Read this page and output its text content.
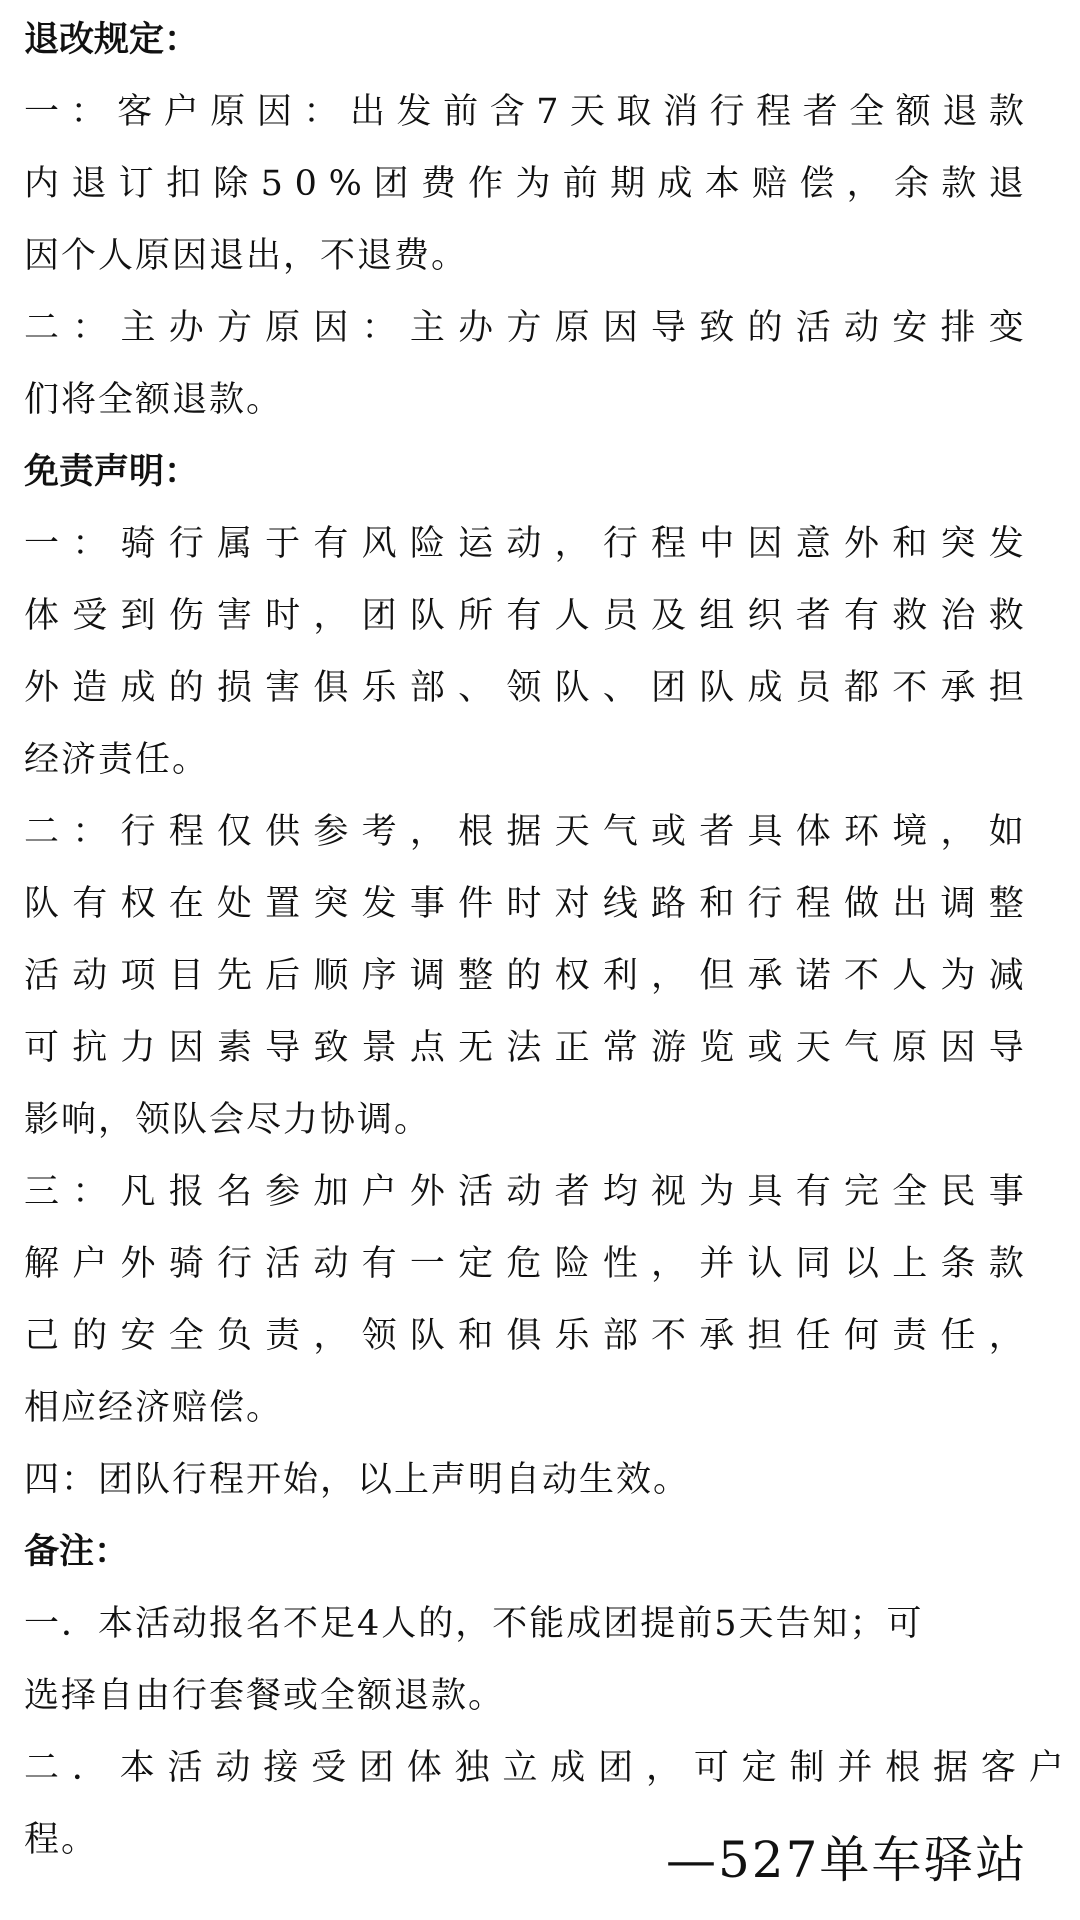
退改规定：
一 ： 客 户 原 因 ： 出 发 前 含 7 天 取 消 行 程 者 全 额 退 款
内 退 订 扣 除 5 0 % 团 费 作 为 前 期 成 本 赔 偿 ， 余 款 退
因个人原因退出，不退费。
二 ： 主 办 方 原 因 ： 主 办 方 原 因 导 致 的 活 动 安 排 变
们将全额退款。
免责声明：
一 ： 骑 行 属 于 有 风 险 运 动 ， 行 程 中 因 意 外 和 突 发
体 受 到 伤 害 时 ， 团 队 所 有 人 员 及 组 织 者 有 救 治 救
外 造 成 的 损 害 俱 乐 部 、 领 队 、 团 队 成 员 都 不 承 担
经济责任。
二 ： 行 程 仅 供 参 考 ， 根 据 天 气 或 者 具 体 环 境 ， 如
队 有 权 在 处 置 突 发 事 件 时 对 线 路 和 行 程 做 出 调 整
活 动 项 目 先 后 顺 序 调 整 的 权 利 ， 但 承 诺 不 人 为 减
可 抗 力 因 素 导 致 景 点 无 法 正 常 游 览 或 天 气 原 因 导
影响，领队会尽力协调。
三 ： 凡 报 名 参 加 户 外 活 动 者 均 视 为 具 有 完 全 民 事
解 户 外 骑 行 活 动 有 一 定 危 险 性 ， 并 认 同 以 上 条 款
己 的 安 全 负 责 ， 领 队 和 俱 乐 部 不 承 担 任 何 责 任 ，
相应经济赔偿。
四：团队行程开始，以上声明自动生效。
备注：
一．本活动报名不足4人的，不能成团提前5天告知；可
选择自由行套餐或全额退款。
二 ． 本 活 动 接 受 团 体 独 立 成 团 ， 可 定 制 并 根 据 客 户
程。	—527单车驿站
